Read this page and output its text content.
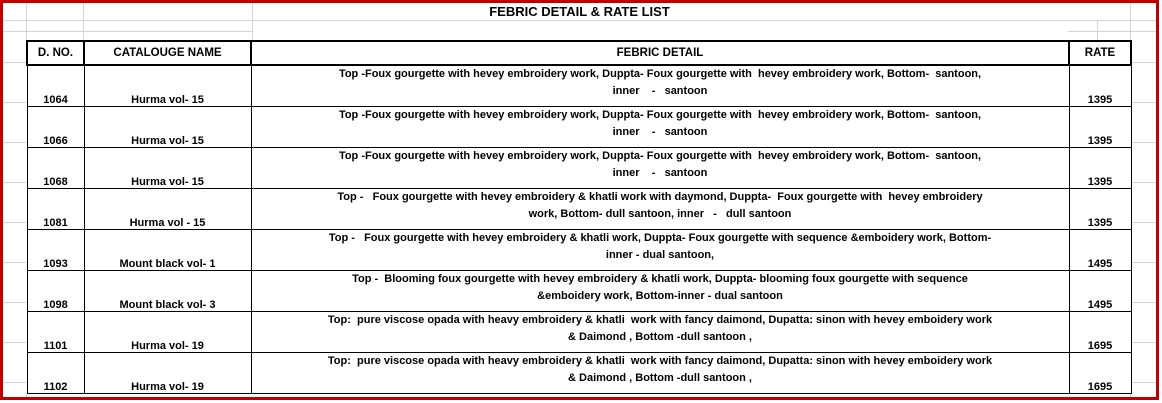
FEBRIC DETAIL & RATE LIST
D. NO.	CATALOUGE NAME	FEBRIC DETAIL	RATE
1064	Hurma vol- 15	Top -Foux gourgette with hevey embroidery work, Duppta- Foux gourgette with  hevey embroidery work, Bottom-  santoon,
inner    -   santoon	1395
1066	Hurma vol- 15	Top -Foux gourgette with hevey embroidery work, Duppta- Foux gourgette with  hevey embroidery work, Bottom-  santoon,
inner    -   santoon	1395
1068	Hurma vol- 15	Top -Foux gourgette with hevey embroidery work, Duppta- Foux gourgette with  hevey embroidery work, Bottom-  santoon,
inner    -   santoon	1395
1081	Hurma vol - 15	Top -   Foux gourgette with hevey embroidery & khatli work with daymond, Duppta-  Foux gourgette with  hevey embroidery
work, Bottom- dull santoon, inner   -   dull santoon	1395
1093	Mount black vol- 1	Top -   Foux gourgette with hevey embroidery & khatli work, Duppta- Foux gourgette with sequence &emboidery work, Bottom-
inner - dual santoon,	1495
1098	Mount black vol- 3	Top -  Blooming foux gourgette with hevey embroidery & khatli work, Duppta- blooming foux gourgette with sequence
&emboidery work, Bottom-inner - dual santoon	1495
1101	Hurma vol- 19	Top:  pure viscose opada with heavy embroidery & khatli  work with fancy daimond, Dupatta: sinon with hevey emboidery work
& Daimond , Bottom -dull santoon ,	1695
1102	Hurma vol- 19	Top:  pure viscose opada with heavy embroidery & khatli  work with fancy daimond, Dupatta: sinon with hevey emboidery work
& Daimond , Bottom -dull santoon ,	1695
